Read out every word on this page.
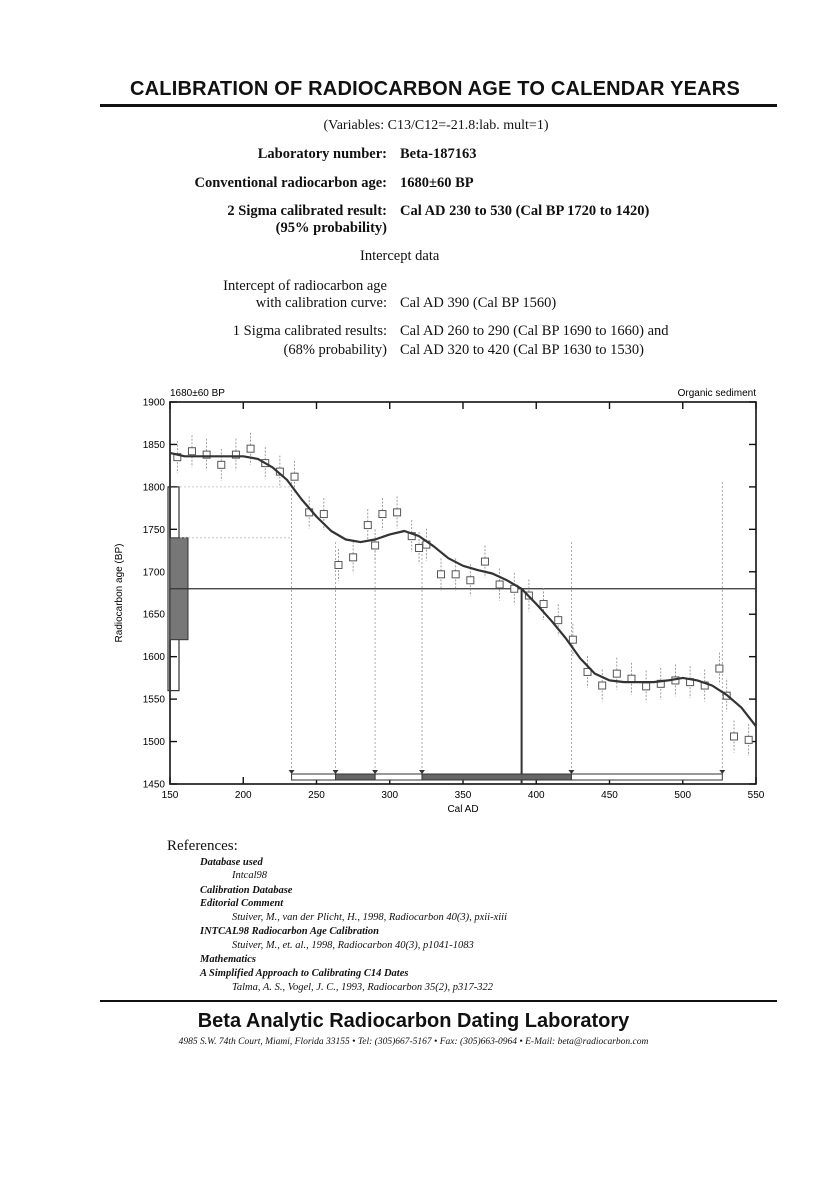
CALIBRATION OF RADIOCARBON AGE TO CALENDAR YEARS
(Variables: C13/C12=-21.8:lab. mult=1)
Laboratory number: Beta-187163
Conventional radiocarbon age: 1680±60 BP
2 Sigma calibrated result:
(95% probability)
Cal AD 230 to 530 (Cal BP 1720 to 1420)
Intercept data
Intercept of radiocarbon age
with calibration curve: Cal AD 390 (Cal BP 1560)
1 Sigma calibrated results:
(68% probability)
Cal AD 260 to 290 (Cal BP 1690 to 1660) and
Cal AD 320 to 420 (Cal BP 1630 to 1530)
150	200	250	300	350	400	450	500	550
1450
1500
1550
1600
1650
1700
1750
1800
1850
1900
1680±60 BP	Organic sediment
Cal AD
Radiocarbon age (BP)
References:
Database used
Intcal98
Calibration Database
Editorial Comment
Stuiver, M., van der Plicht, H., 1998, Radiocarbon 40(3), pxii-xiii
INTCAL98 Radiocarbon Age Calibration
Stuiver, M., et. al., 1998, Radiocarbon 40(3), p1041-1083
Mathematics
A Simplified Approach to Calibrating C14 Dates
Talma, A. S., Vogel, J. C., 1993, Radiocarbon 35(2), p317-322
Beta Analytic Radiocarbon Dating Laboratory
4985 S.W. 74th Court, Miami, Florida 33155 • Tel: (305)667-5167 • Fax: (305)663-0964 • E-Mail: beta@radiocarbon.com
